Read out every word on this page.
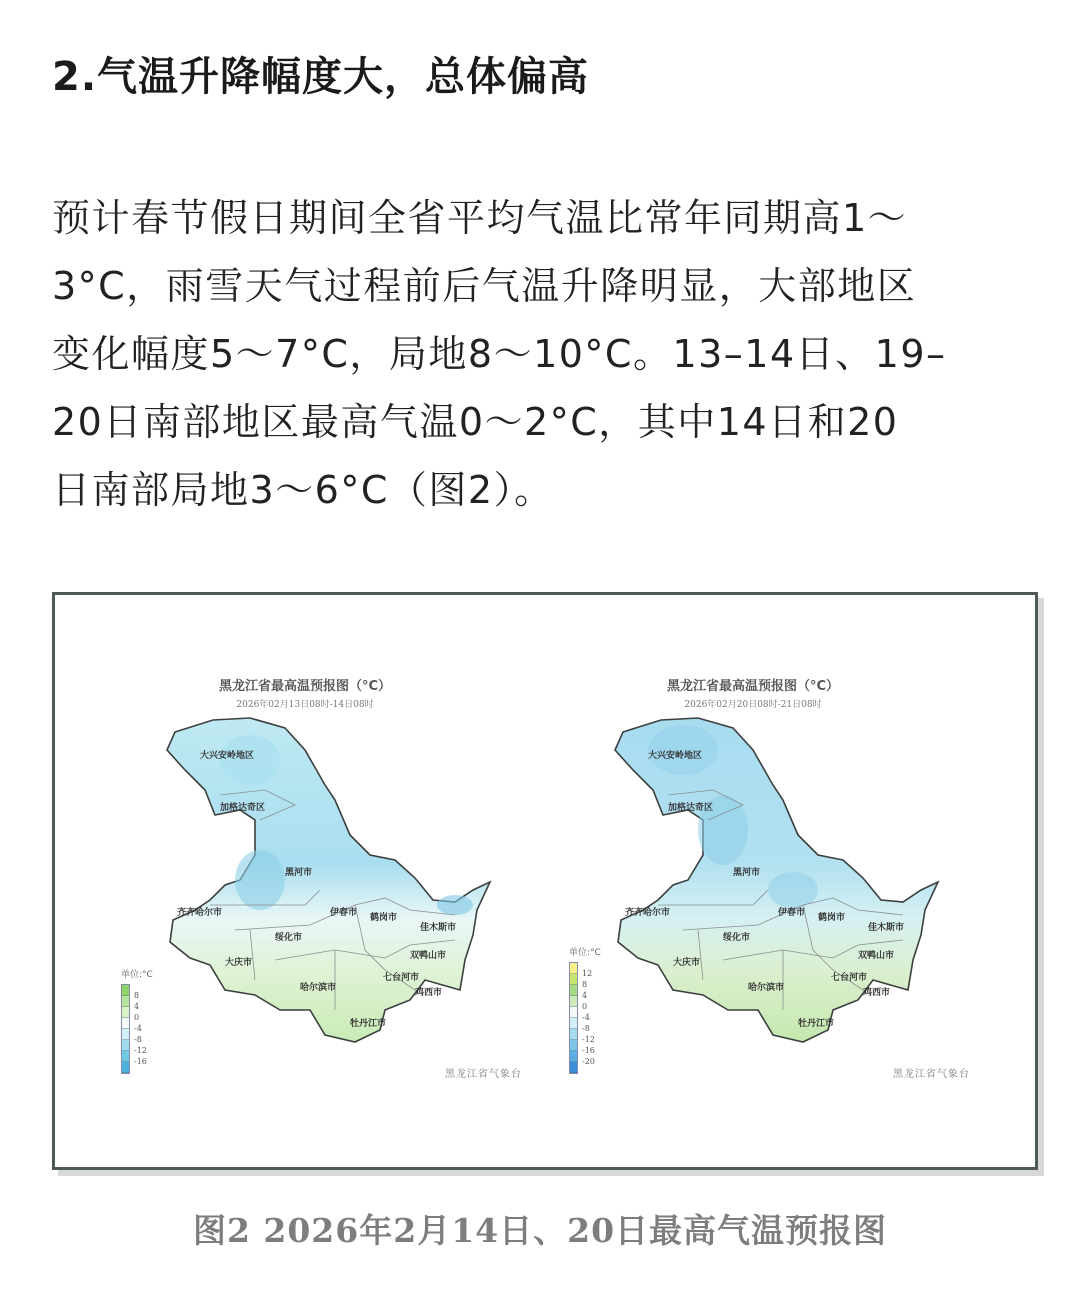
2.气温升降幅度大，总体偏高
预计春节假日期间全省平均气温比常年同期高1～
3°C，雨雪天气过程前后气温升降明显，大部地区
变化幅度5～7°C，局地8～10°C。13–14日、19–
20日南部地区最高气温0～2°C，其中14日和20
日南部局地3～6°C（图2）。
黑龙江省最高温预报图（°C）
2026年02月13日08时-14日08时
大兴安岭地区
加格达奇区
黑河市
齐齐哈尔市	伊春市 鹤岗市
佳木斯市
绥化市
大庆市
双鸭山市
七台河市
哈尔滨市	鸡西市
牡丹江市
单位:°C
8
4
0
-4
-8
-12
-16
黑龙江省气象台
黑龙江省最高温预报图（°C）
2026年02月20日08时-21日08时
大兴安岭地区
加格达奇区
黑河市
齐齐哈尔市	伊春市 鹤岗市
佳木斯市
绥化市
大庆市
双鸭山市
七台河市
哈尔滨市	鸡西市
牡丹江市
单位:°C
12
8
4
0
-4
-8
-12
-16
-20
黑龙江省气象台
图2 2026年2月14日、20日最高气温预报图
